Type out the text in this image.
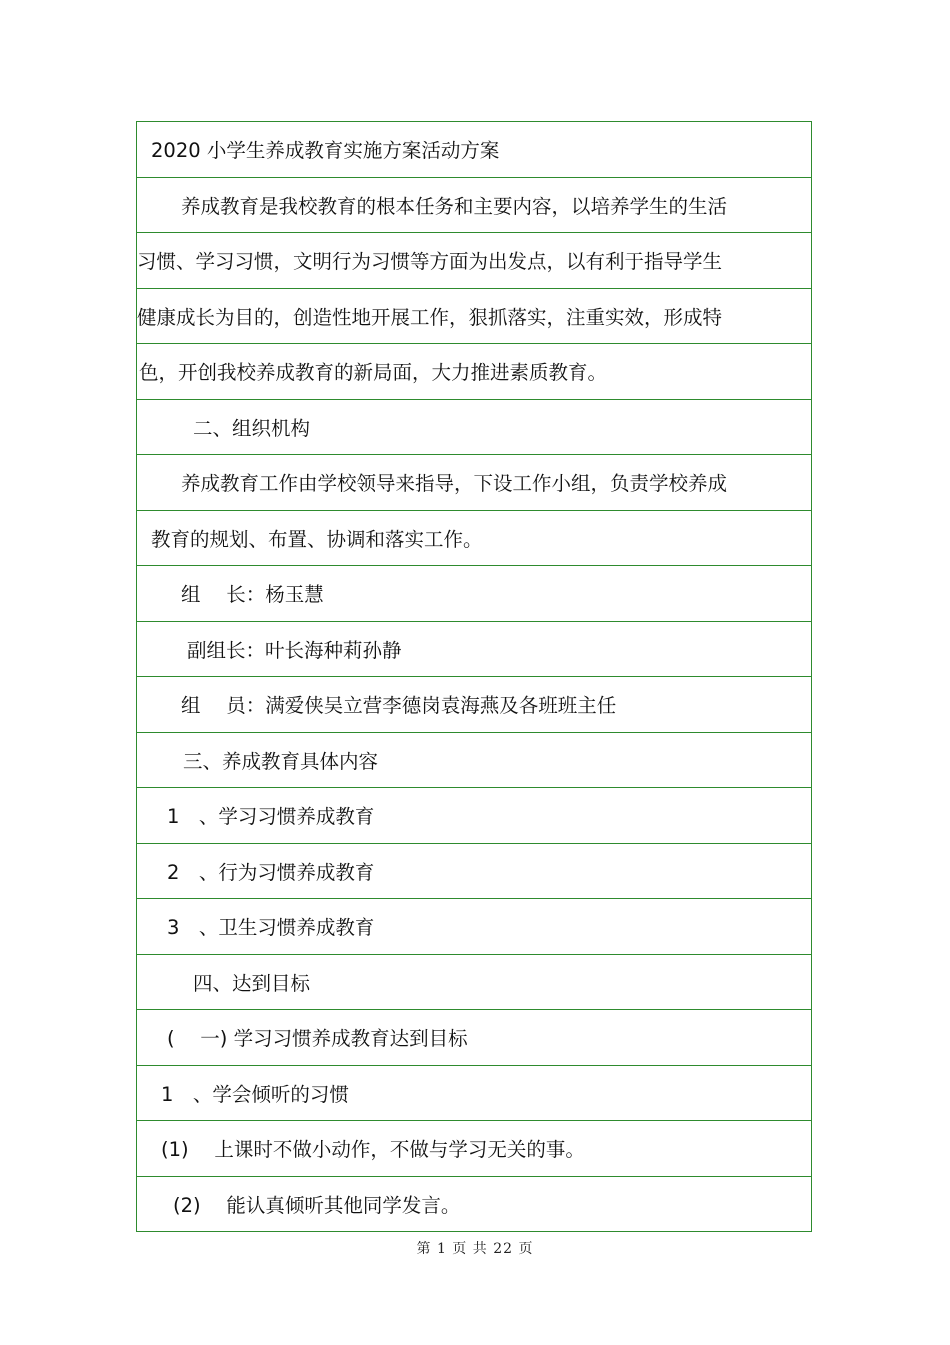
2020 小学生养成教育实施方案活动方案
养成教育是我校教育的根本任务和主要内容，以培养学生的生活
习惯、学习习惯，文明行为习惯等方面为出发点，以有利于指导学生
健康成长为目的，创造性地开展工作，狠抓落实，注重实效，形成特
色，开创我校养成教育的新局面，大力推进素质教育。
二、组织机构
养成教育工作由学校领导来指导，下设工作小组，负责学校养成
教育的规划、布置、协调和落实工作。
组　 长：杨玉慧
副组长：叶长海种莉孙静
组　 员：满爱侠吴立营李德岗袁海燕及各班班主任
三、养成教育具体内容
1　、学习习惯养成教育
2　、行为习惯养成教育
3　、卫生习惯养成教育
四、达到目标
(　 一) 学习习惯养成教育达到目标
1　、学会倾听的习惯
(1)　 上课时不做小动作，不做与学习无关的事。
(2)　 能认真倾听其他同学发言。
第 1 页 共 22 页
